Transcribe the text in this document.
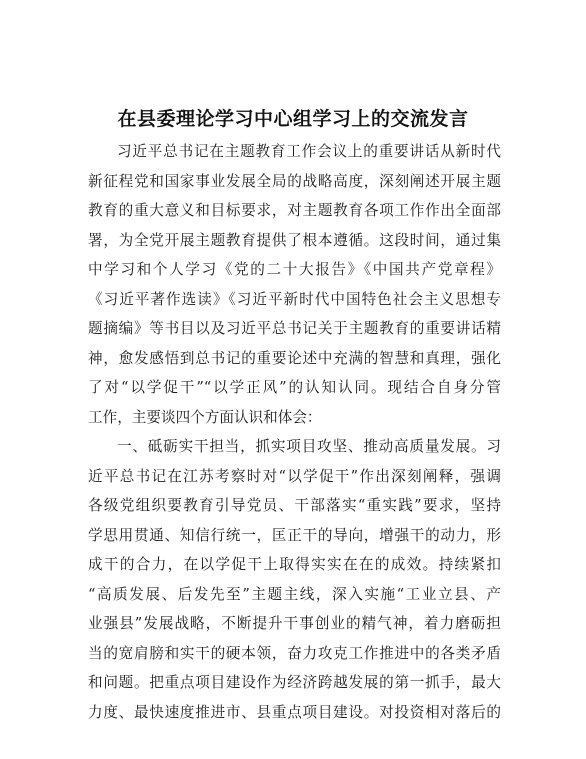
在县委理论学习中心组学习上的交流发言
习近平总书记在主题教育工作会议上的重要讲话从新时代
新征程党和国家事业发展全局的战略高度，深刻阐述开展主题
教育的重大意义和目标要求，对主题教育各项工作作出全面部
署，为全党开展主题教育提供了根本遵循。这段时间，通过集
中学习和个人学习《党的二十大报告》《中国共产党章程》
《习近平著作选读》《习近平新时代中国特色社会主义思想专
题摘编》等书目以及习近平总书记关于主题教育的重要讲话精
神，愈发感悟到总书记的重要论述中充满的智慧和真理，强化
了对“以学促干”“以学正风”的认知认同。现结合自身分管
工作，主要谈四个方面认识和体会：
一、砥砺实干担当，抓实项目攻坚、推动高质量发展。习
近平总书记在江苏考察时对“以学促干”作出深刻阐释，强调
各级党组织要教育引导党员、干部落实“重实践”要求，坚持
学思用贯通、知信行统一，匡正干的导向，增强干的动力，形
成干的合力，在以学促干上取得实实在在的成效。持续紧扣
“高质发展、后发先至”主题主线，深入实施“工业立县、产
业强县”发展战略，不断提升干事创业的精气神，着力磨砺担
当的宽肩膀和实干的硬本领，奋力攻克工作推进中的各类矛盾
和问题。把重点项目建设作为经济跨越发展的第一抓手，最大
力度、最快速度推进市、县重点项目建设。对投资相对落后的
